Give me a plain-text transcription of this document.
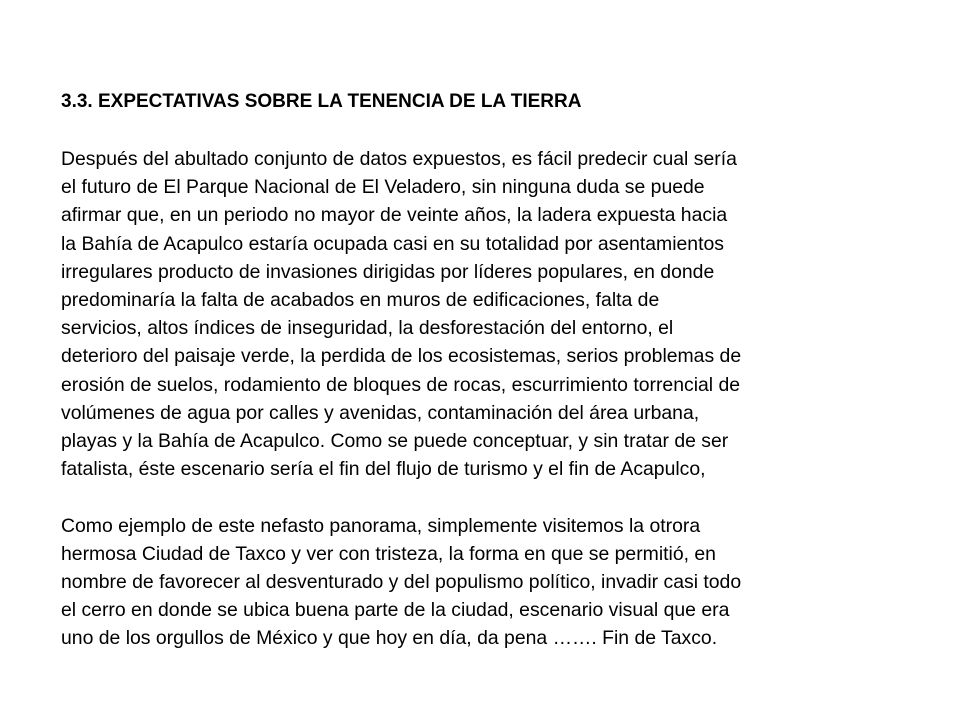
3.3. EXPECTATIVAS SOBRE LA TENENCIA DE LA TIERRA
Después del abultado conjunto de datos expuestos, es fácil predecir cual sería
el futuro de El Parque Nacional de El Veladero, sin ninguna duda se puede
afirmar que, en un periodo no mayor de veinte años, la ladera expuesta hacia
la Bahía de Acapulco estaría ocupada casi en su totalidad por asentamientos
irregulares producto de invasiones dirigidas por líderes populares, en donde
predominaría la falta de acabados en muros de edificaciones, falta de
servicios, altos índices de inseguridad, la desforestación del entorno, el
deterioro del paisaje verde, la perdida de los ecosistemas, serios problemas de
erosión de suelos, rodamiento de bloques de rocas, escurrimiento torrencial de
volúmenes de agua por calles y avenidas, contaminación del área urbana,
playas y la Bahía de Acapulco. Como se puede conceptuar, y sin tratar de ser
fatalista, éste escenario sería el fin del flujo de turismo y el fin de Acapulco,
Como ejemplo de este nefasto panorama, simplemente visitemos la otrora
hermosa Ciudad de Taxco y ver con tristeza, la forma en que se permitió, en
nombre de favorecer al desventurado y del populismo político, invadir casi todo
el cerro en donde se ubica buena parte de la ciudad, escenario visual que era
uno de los orgullos de México y que hoy en día, da pena ……. Fin de Taxco.
